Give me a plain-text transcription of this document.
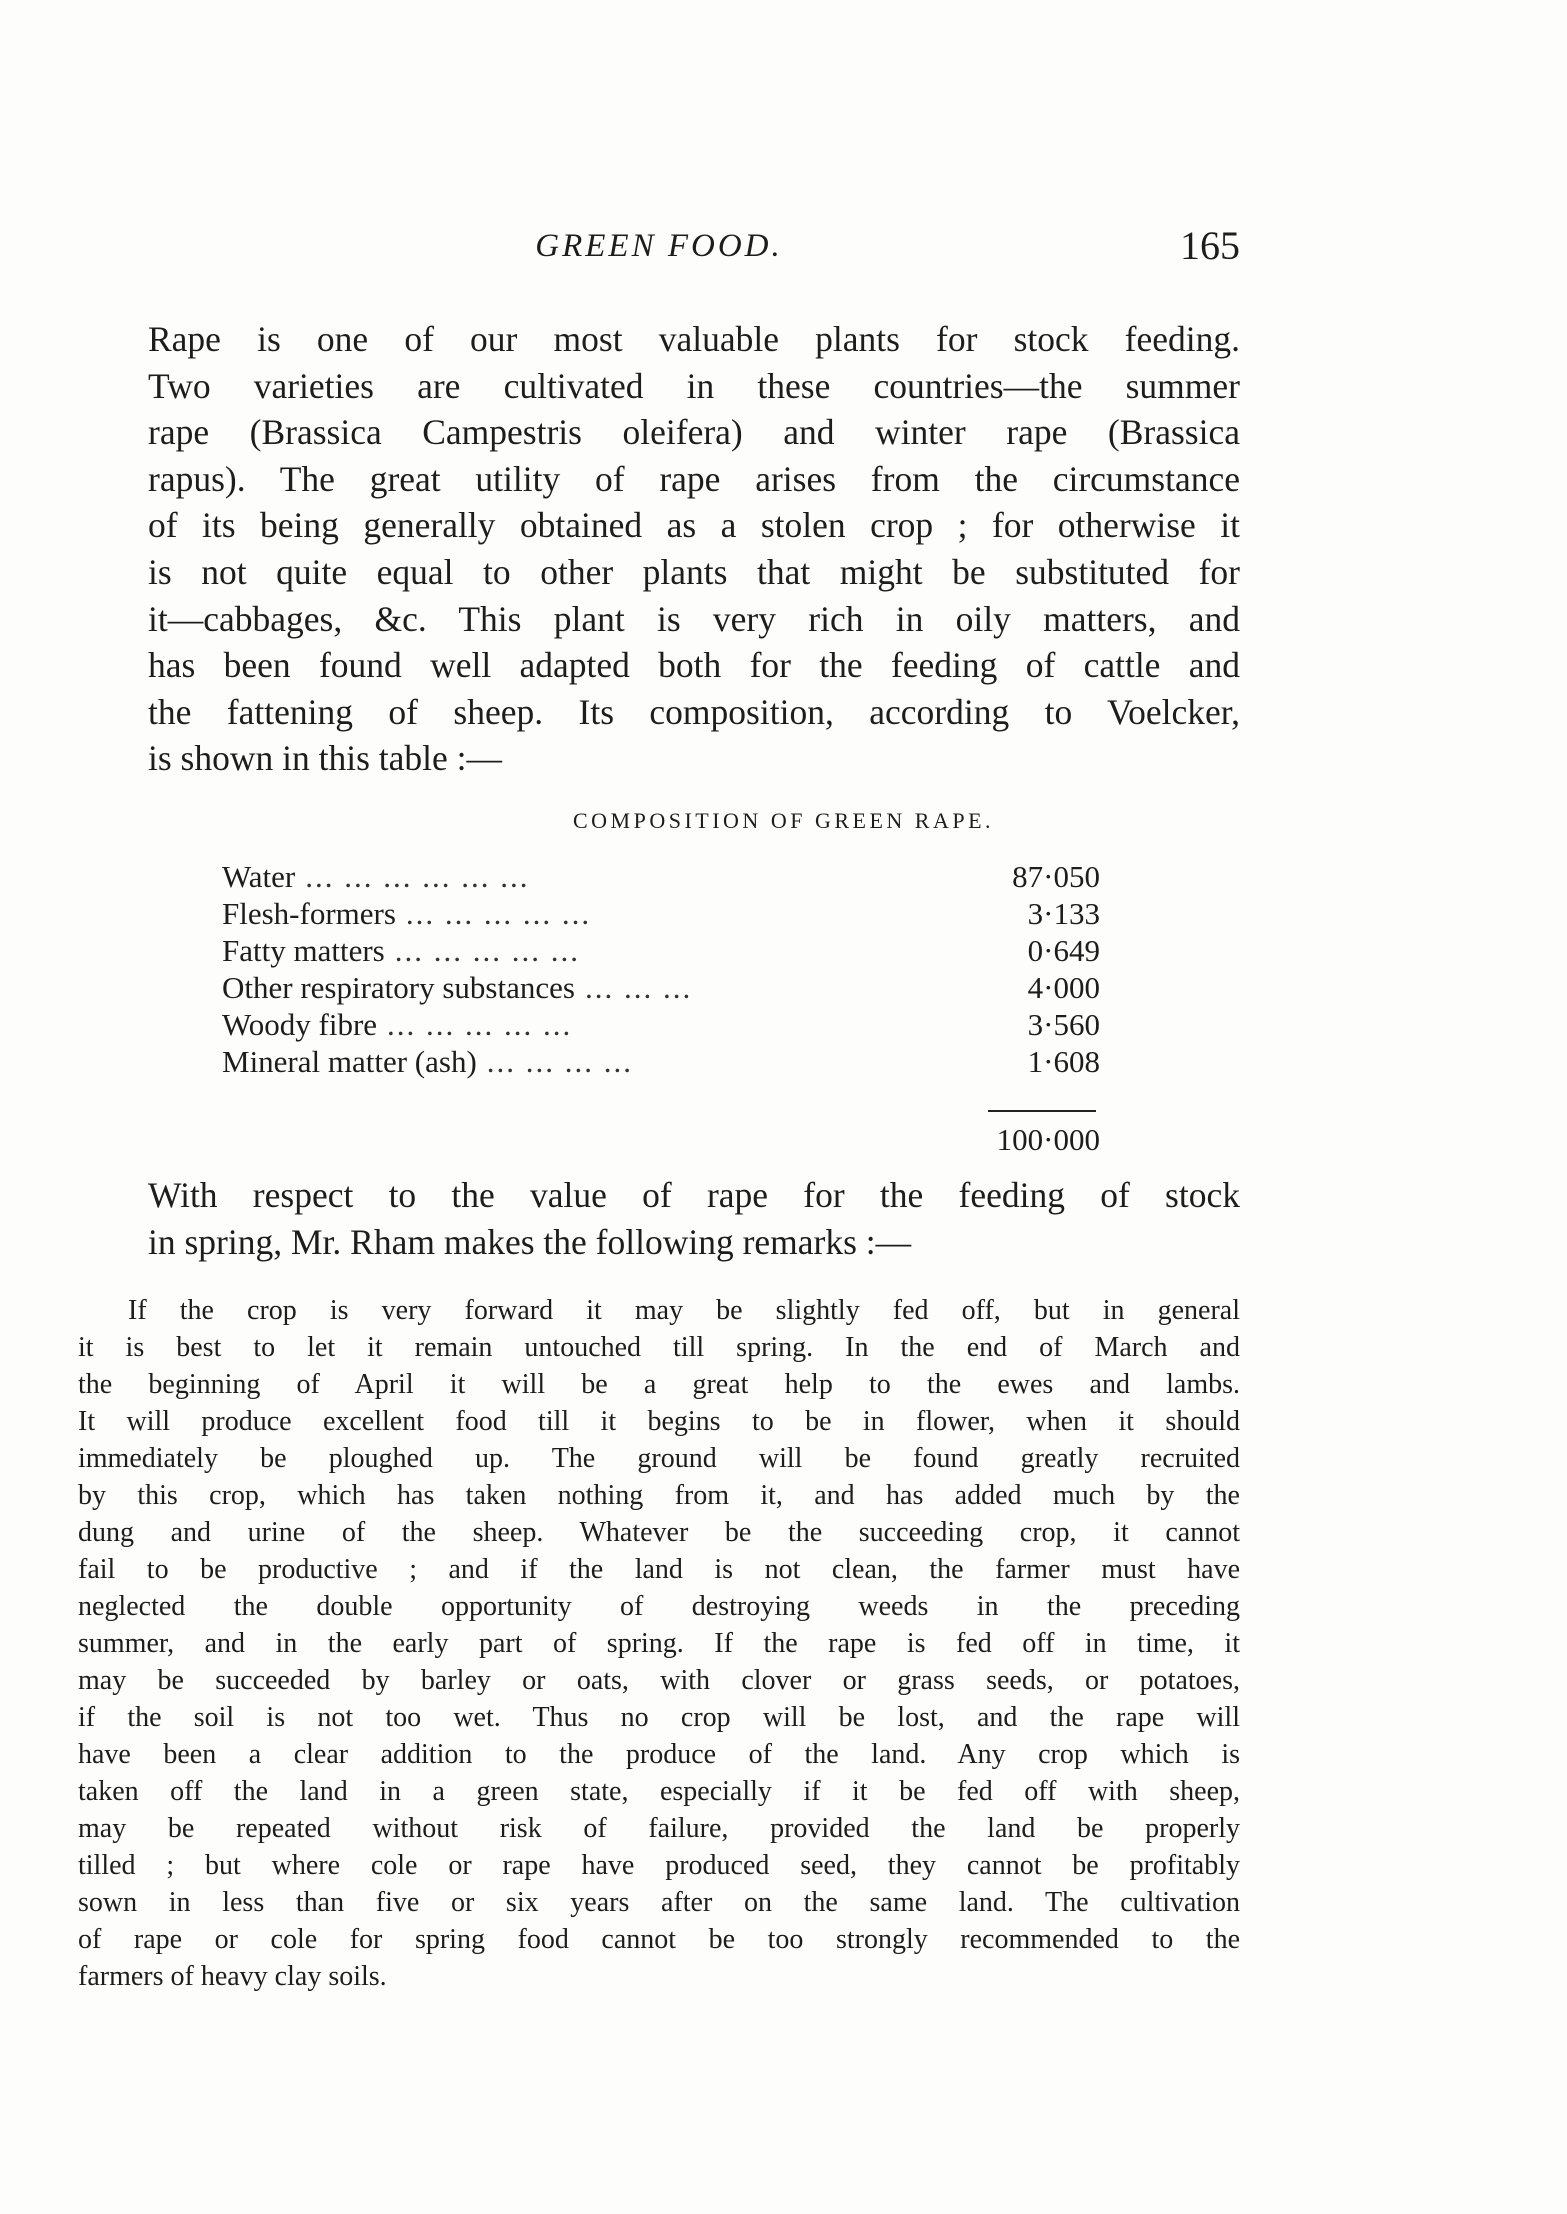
GREEN FOOD.	165
Rape is one of our most valuable plants for stock feeding.
Two varieties are cultivated in these countries—the summer
rape (Brassica Campestris oleifera) and winter rape (Brassica
rapus). The great utility of rape arises from the circumstance
of its being generally obtained as a stolen crop ; for otherwise it
is not quite equal to other plants that might be substituted for
it—cabbages, &c. This plant is very rich in oily matters, and
has been found well adapted both for the feeding of cattle and
the fattening of sheep. Its composition, according to Voelcker,
is shown in this table :—
COMPOSITION OF GREEN RAPE.
Water ... ... ... ... ... ...	87·050
Flesh-formers ... ... ... ... ...	3·133
Fatty matters ... ... ... ... ...	0·649
Other respiratory substances ... ... ...	4·000
Woody fibre ... ... ... ... ...	3·560
Mineral matter (ash) ... ... ... ...	1·608
100·000
With respect to the value of rape for the feeding of stock
in spring, Mr. Rham makes the following remarks :—
If the crop is very forward it may be slightly fed off, but in general
it is best to let it remain untouched till spring. In the end of March and
the beginning of April it will be a great help to the ewes and lambs.
It will produce excellent food till it begins to be in flower, when it should
immediately be ploughed up. The ground will be found greatly recruited
by this crop, which has taken nothing from it, and has added much by the
dung and urine of the sheep. Whatever be the succeeding crop, it cannot
fail to be productive ; and if the land is not clean, the farmer must have
neglected the double opportunity of destroying weeds in the preceding
summer, and in the early part of spring. If the rape is fed off in time, it
may be succeeded by barley or oats, with clover or grass seeds, or potatoes,
if the soil is not too wet. Thus no crop will be lost, and the rape will
have been a clear addition to the produce of the land. Any crop which is
taken off the land in a green state, especially if it be fed off with sheep,
may be repeated without risk of failure, provided the land be properly
tilled ; but where cole or rape have produced seed, they cannot be profitably
sown in less than five or six years after on the same land. The cultivation
of rape or cole for spring food cannot be too strongly recommended to the
farmers of heavy clay soils.
